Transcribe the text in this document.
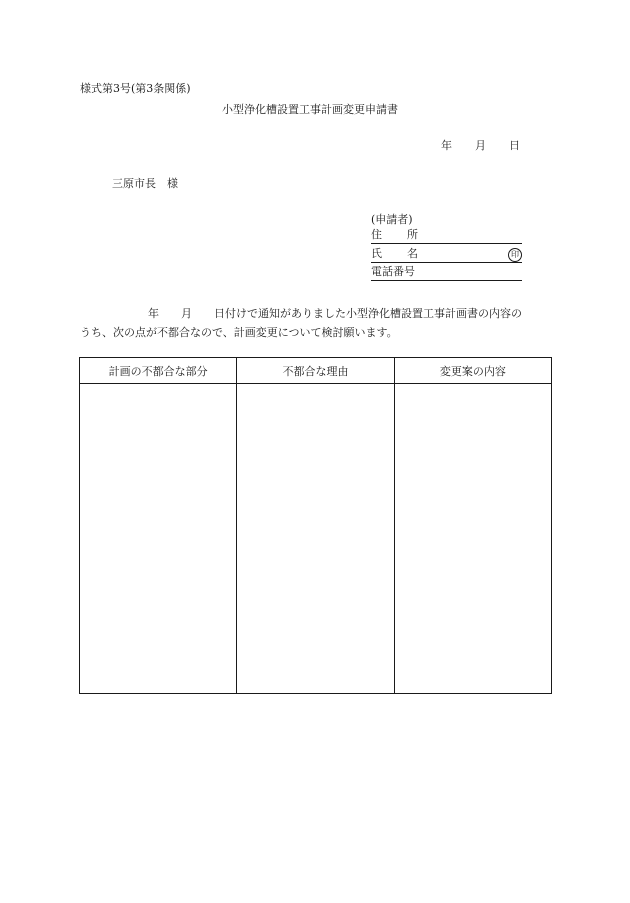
様式第3号(第3条関係)
小型浄化槽設置工事計画変更申請書
年 月 日
三原市長　様
(申請者)
住 所
氏 名	印
電話番号
年 月 日付けで通知がありました小型浄化槽設置工事計画書の内容の
うち、次の点が不都合なので、計画変更について検討願います。
計画の不都合な部分	不都合な理由	変更案の内容
